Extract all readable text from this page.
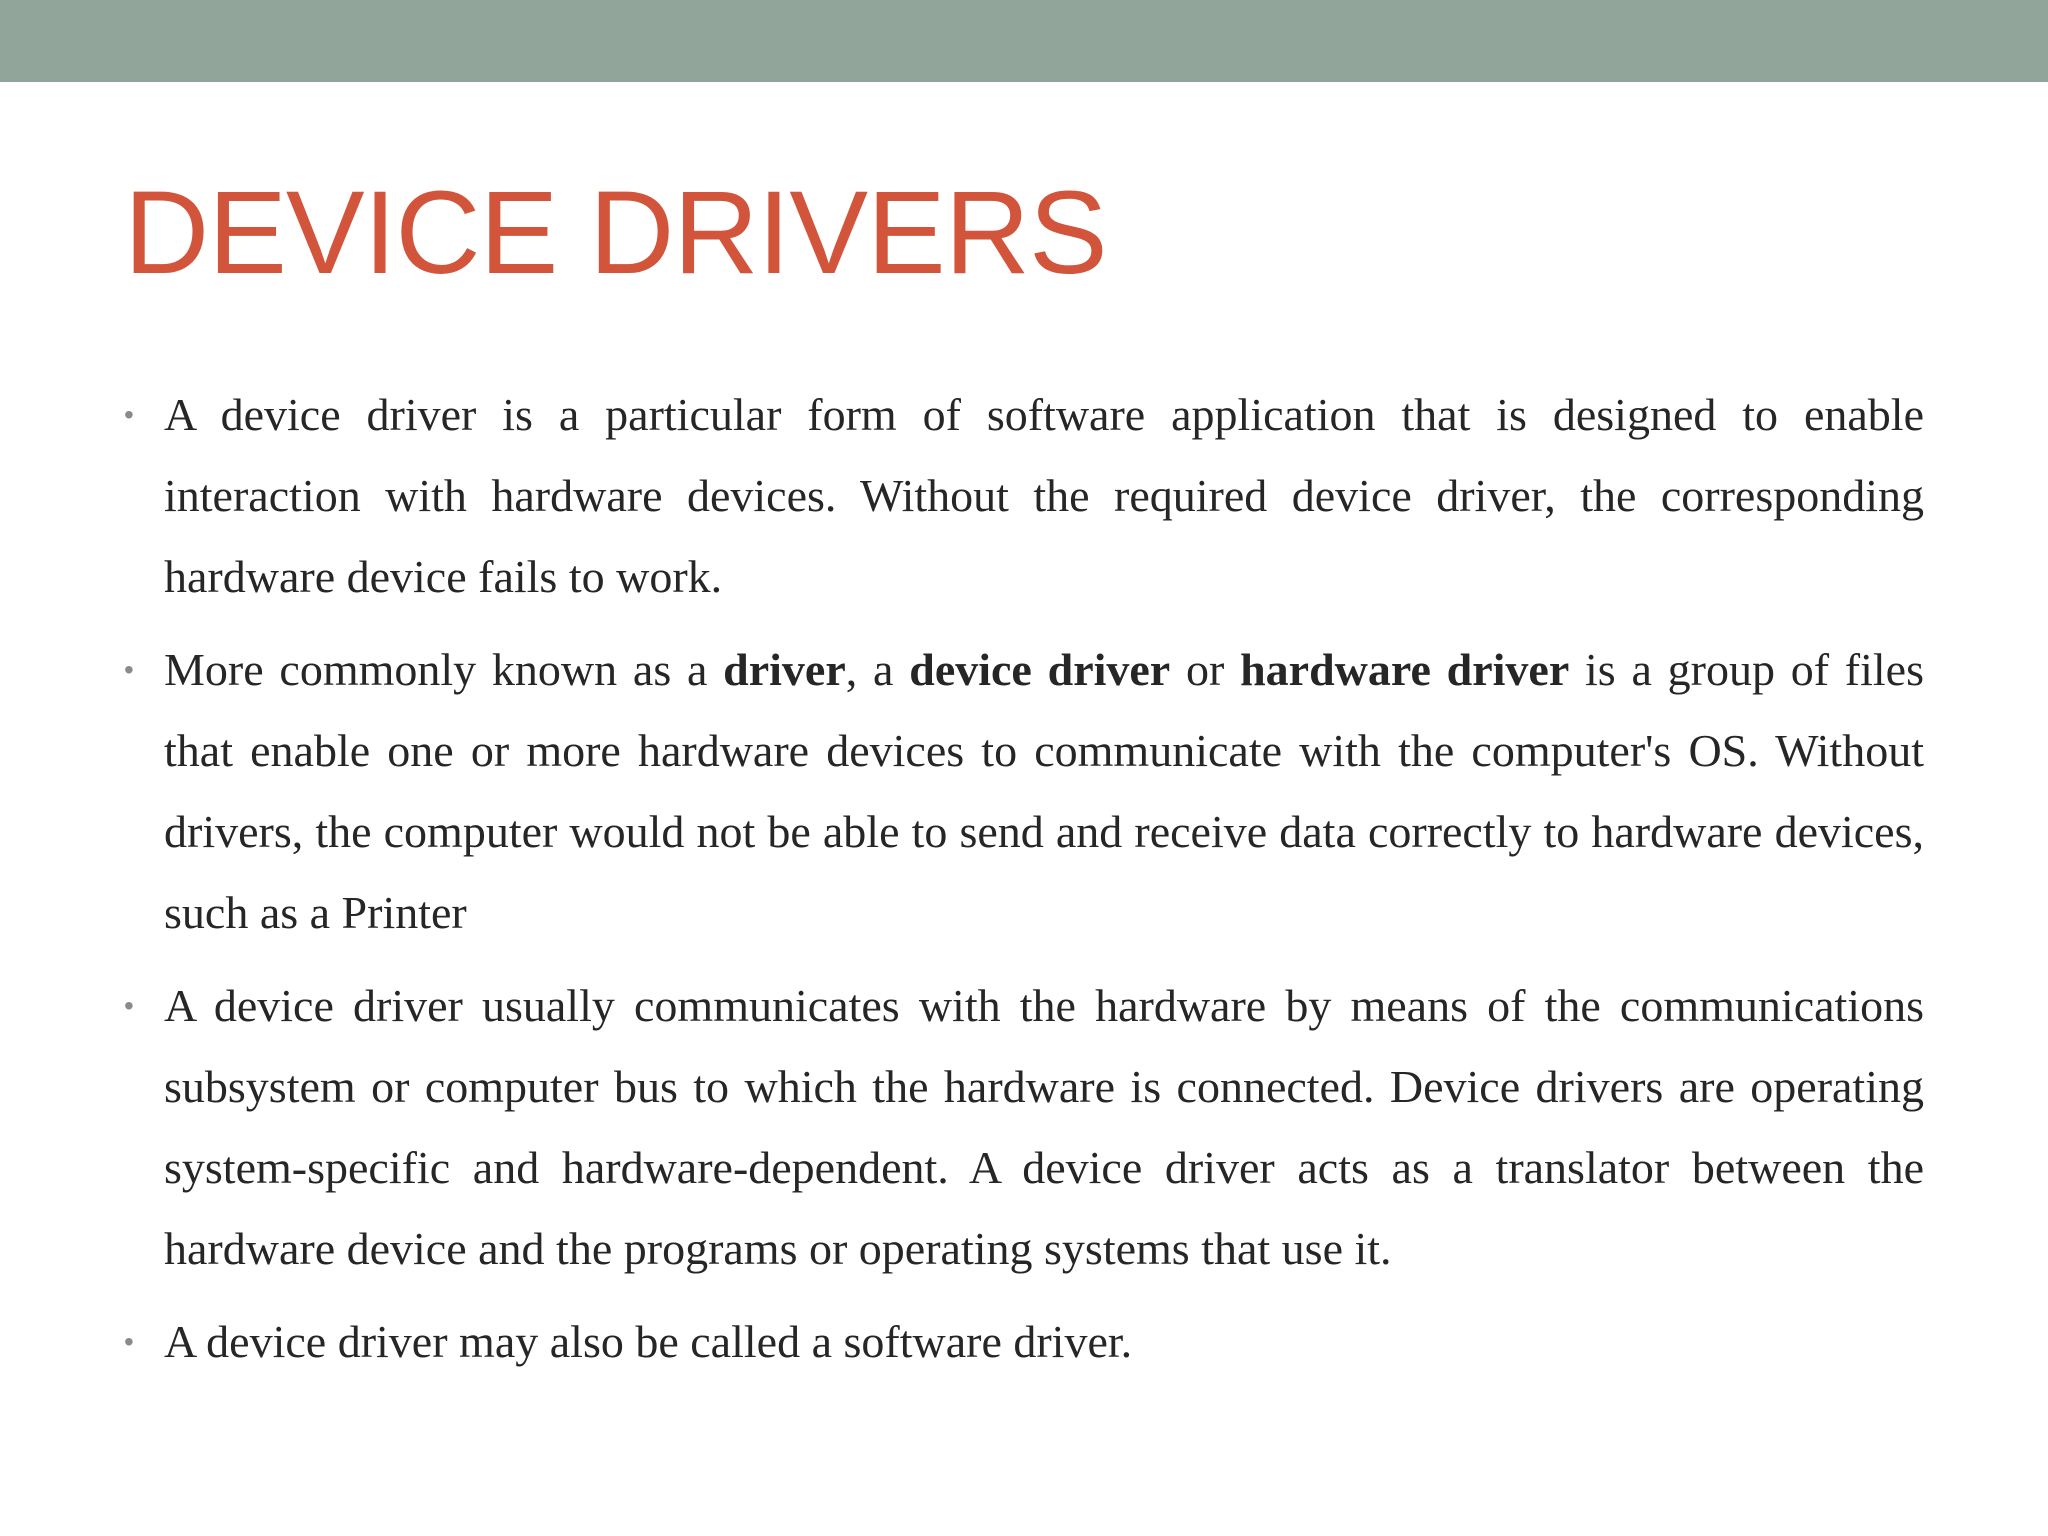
DEVICE DRIVERS
• A device driver is a particular form of software application that is designed to enable interaction with hardware devices. Without the required device driver, the corresponding hardware device fails to work.
• More commonly known as a driver, a device driver or hardware driver is a group of files that enable one or more hardware devices to communicate with the computer's OS. Without drivers, the computer would not be able to send and receive data correctly to hardware devices, such as a Printer
• A device driver usually communicates with the hardware by means of the communications subsystem or computer bus to which the hardware is connected. Device drivers are operating system-specific and hardware-dependent. A device driver acts as a translator between the hardware device and the programs or operating systems that use it.
• A device driver may also be called a software driver.
